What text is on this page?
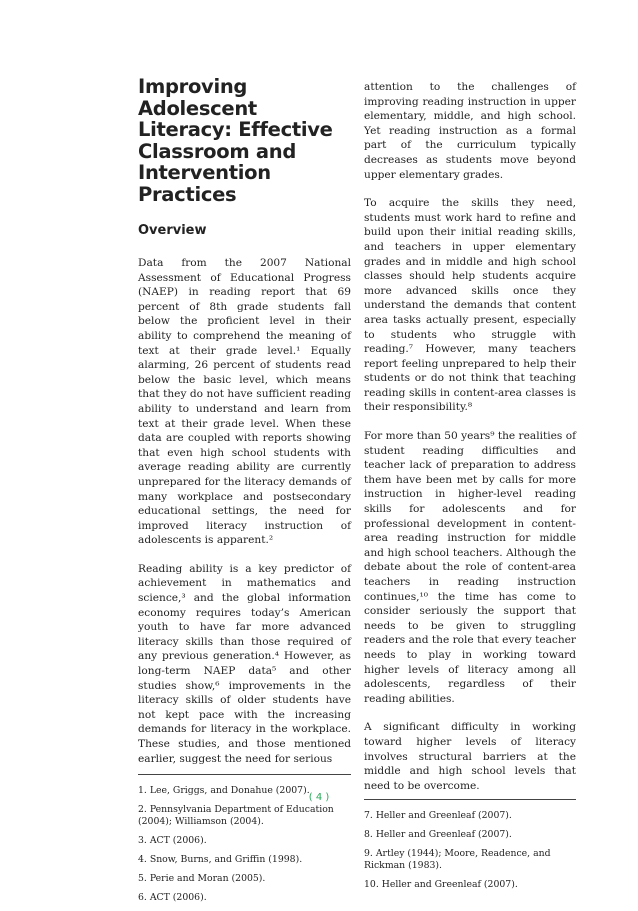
Improving Adolescent Literacy: Effective Classroom and Intervention Practices
Overview

Data from the 2007 National Assessment of Educational Progress (NAEP) in reading report that 69 percent of 8th grade students fall below the proficient level in their ability to comprehend the meaning of text at their grade level.¹ Equally alarming, 26 percent of students read below the basic level, which means that they do not have sufficient reading ability to understand and learn from text at their grade level. When these data are coupled with reports showing that even high school students with average reading ability are currently unprepared for the literacy demands of many workplace and postsecondary educational settings, the need for improved literacy instruction of adolescents is apparent.²

Reading ability is a key predictor of achievement in mathematics and science,³ and the global information economy requires today’s American youth to have far more advanced literacy skills than those required of any previous generation.⁴ However, as long-term NAEP data⁵ and other studies show,⁶ improvements in the literacy skills of older students have not kept pace with the increasing demands for literacy in the workplace. These studies, and those mentioned earlier, suggest the need for serious

1. Lee, Griggs, and Donahue (2007).
2. Pennsylvania Department of Education (2004); Williamson (2004).
3. ACT (2006).
4. Snow, Burns, and Griffin (1998).
5. Perie and Moran (2005).
6. ACT (2006).

attention to the challenges of improving reading instruction in upper elementary, middle, and high school. Yet reading instruction as a formal part of the curriculum typically decreases as students move beyond upper elementary grades.

To acquire the skills they need, students must work hard to refine and build upon their initial reading skills, and teachers in upper elementary grades and in middle and high school classes should help students acquire more advanced skills once they understand the demands that content area tasks actually present, especially to students who struggle with reading.⁷ However, many teachers report feeling unprepared to help their students or do not think that teaching reading skills in content-area classes is their responsibility.⁸

For more than 50 years⁹ the realities of student reading difficulties and teacher lack of preparation to address them have been met by calls for more instruction in higher-level reading skills for adolescents and for professional development in content-area reading instruction for middle and high school teachers. Although the debate about the role of content-area teachers in reading instruction continues,¹⁰ the time has come to consider seriously the support that needs to be given to struggling readers and the role that every teacher needs to play in working toward higher levels of literacy among all adolescents, regardless of their reading abilities.

A significant difficulty in working toward higher levels of literacy involves structural barriers at the middle and high school levels that need to be overcome.

7. Heller and Greenleaf (2007).
8. Heller and Greenleaf (2007).
9. Artley (1944); Moore, Readence, and Rickman (1983).
10. Heller and Greenleaf (2007).
( 4 )
